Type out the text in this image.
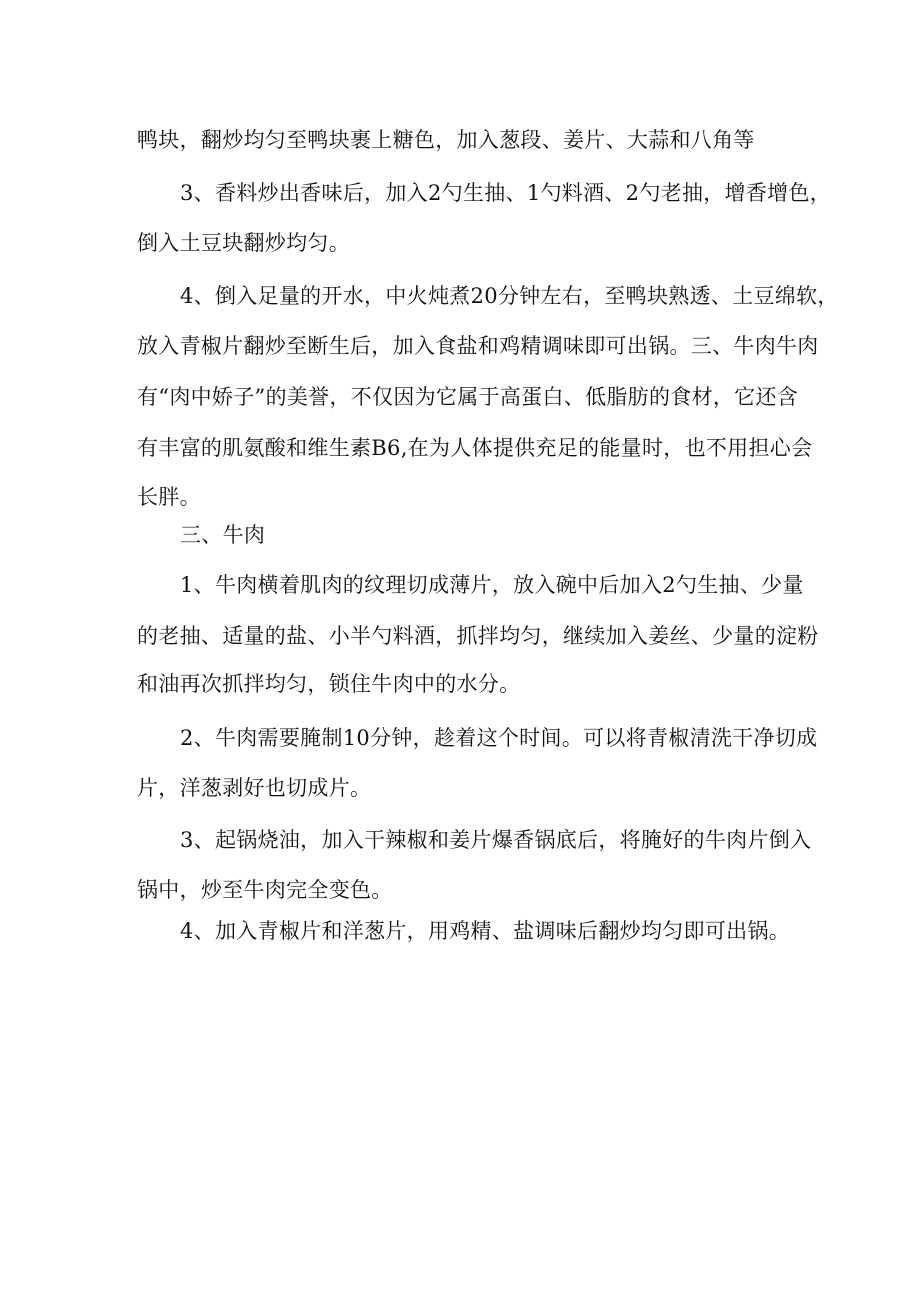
鸭块，翻炒均匀至鸭块裹上糖色，加入葱段、姜片、大蒜和八角等
3、香料炒出香味后，加入2勺生抽、1勺料酒、2勺老抽，增香增色，
倒入土豆块翻炒均匀。
4、倒入足量的开水，中火炖煮20分钟左右，至鸭块熟透、土豆绵软，
放入青椒片翻炒至断生后，加入食盐和鸡精调味即可出锅。三、牛肉牛肉
有“肉中娇子”的美誉，不仅因为它属于高蛋白、低脂肪的食材，它还含
有丰富的肌氨酸和维生素B6,在为人体提供充足的能量时，也不用担心会
长胖。
三、牛肉
1、牛肉横着肌肉的纹理切成薄片，放入碗中后加入2勺生抽、少量
的老抽、适量的盐、小半勺料酒，抓拌均匀，继续加入姜丝、少量的淀粉
和油再次抓拌均匀，锁住牛肉中的水分。
2、牛肉需要腌制10分钟，趁着这个时间。可以将青椒清洗干净切成
片，洋葱剥好也切成片。
3、起锅烧油，加入干辣椒和姜片爆香锅底后，将腌好的牛肉片倒入
锅中，炒至牛肉完全变色。
4、加入青椒片和洋葱片，用鸡精、盐调味后翻炒均匀即可出锅。
